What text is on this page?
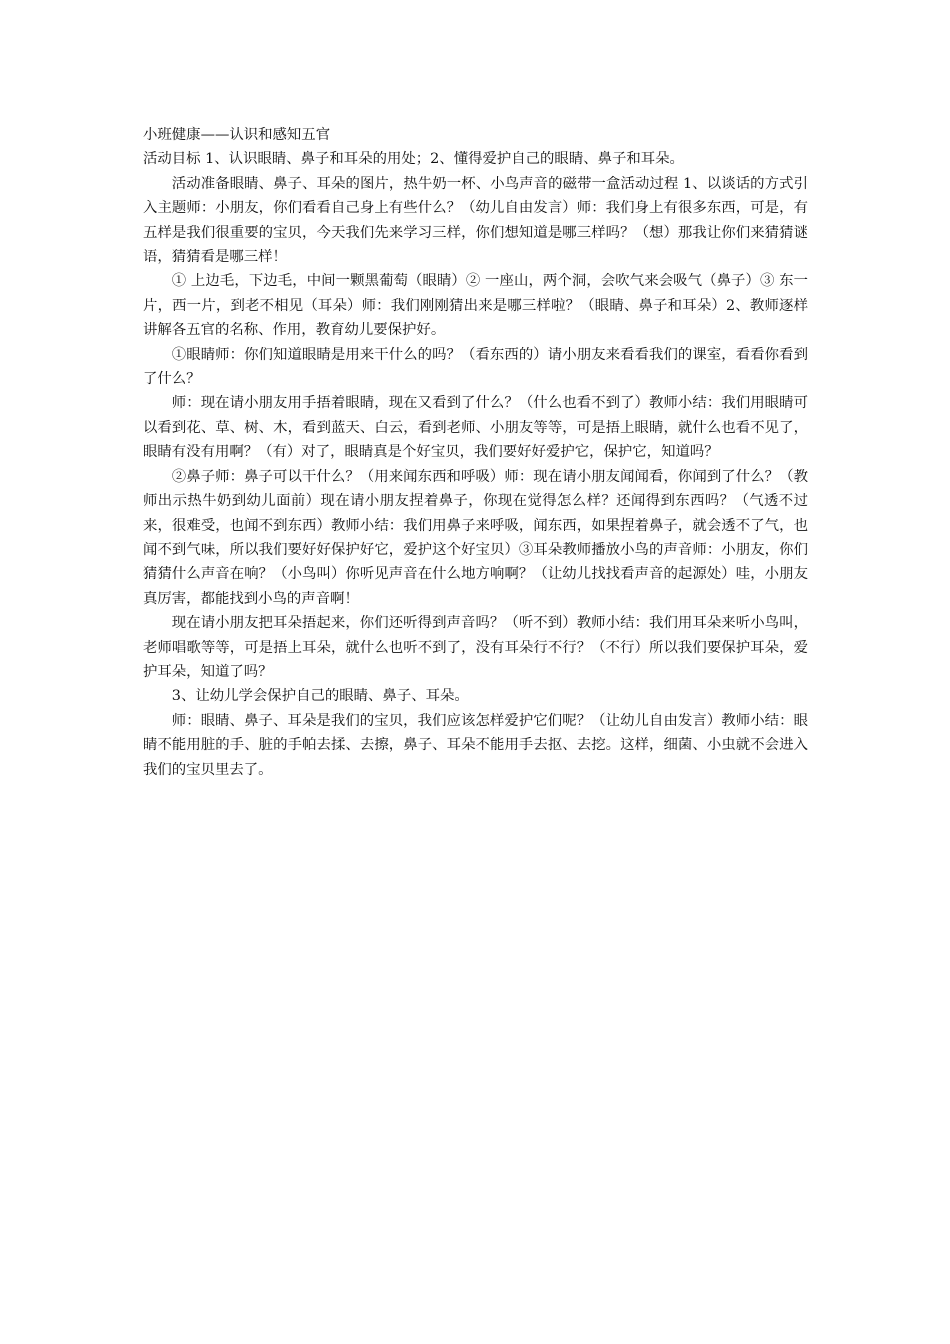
小班健康——认识和感知五官

活动目标 1、认识眼睛、鼻子和耳朵的用处；2、懂得爱护自己的眼睛、鼻子和耳朵。

活动准备眼睛、鼻子、耳朵的图片，热牛奶一杯、小鸟声音的磁带一盒活动过程 1、以谈话的方式引入主题师：小朋友，你们看看自己身上有些什么？（幼儿自由发言）师：我们身上有很多东西，可是，有五样是我们很重要的宝贝，今天我们先来学习三样，你们想知道是哪三样吗？（想）那我让你们来猜猜谜语，猜猜看是哪三样！

① 上边毛，下边毛，中间一颗黑葡萄（眼睛）② 一座山，两个洞，会吹气来会吸气（鼻子）③ 东一片，西一片，到老不相见（耳朵）师：我们刚刚猜出来是哪三样啦？（眼睛、鼻子和耳朵）2、教师逐样讲解各五官的名称、作用，教育幼儿要保护好。

①眼睛师：你们知道眼睛是用来干什么的吗？（看东西的）请小朋友来看看我们的课室，看看你看到了什么？

师：现在请小朋友用手捂着眼睛，现在又看到了什么？（什么也看不到了）教师小结：我们用眼睛可以看到花、草、树、木，看到蓝天、白云，看到老师、小朋友等等，可是捂上眼睛，就什么也看不见了，眼睛有没有用啊？（有）对了，眼睛真是个好宝贝，我们要好好爱护它，保护它，知道吗？

②鼻子师：鼻子可以干什么？（用来闻东西和呼吸）师：现在请小朋友闻闻看，你闻到了什么？（教师出示热牛奶到幼儿面前）现在请小朋友捏着鼻子，你现在觉得怎么样？还闻得到东西吗？（气透不过来，很难受，也闻不到东西）教师小结：我们用鼻子来呼吸，闻东西，如果捏着鼻子，就会透不了气，也闻不到气味，所以我们要好好保护好它，爱护这个好宝贝）③耳朵教师播放小鸟的声音师：小朋友，你们猜猜什么声音在响？（小鸟叫）你听见声音在什么地方响啊？（让幼儿找找看声音的起源处）哇，小朋友真厉害，都能找到小鸟的声音啊！

现在请小朋友把耳朵捂起来，你们还听得到声音吗？（听不到）教师小结：我们用耳朵来听小鸟叫，老师唱歌等等，可是捂上耳朵，就什么也听不到了，没有耳朵行不行？（不行）所以我们要保护耳朵，爱护耳朵，知道了吗？

3、让幼儿学会保护自己的眼睛、鼻子、耳朵。

师：眼睛、鼻子、耳朵是我们的宝贝，我们应该怎样爱护它们呢？（让幼儿自由发言）教师小结：眼睛不能用脏的手、脏的手帕去揉、去擦，鼻子、耳朵不能用手去抠、去挖。这样，细菌、小虫就不会进入我们的宝贝里去了。
